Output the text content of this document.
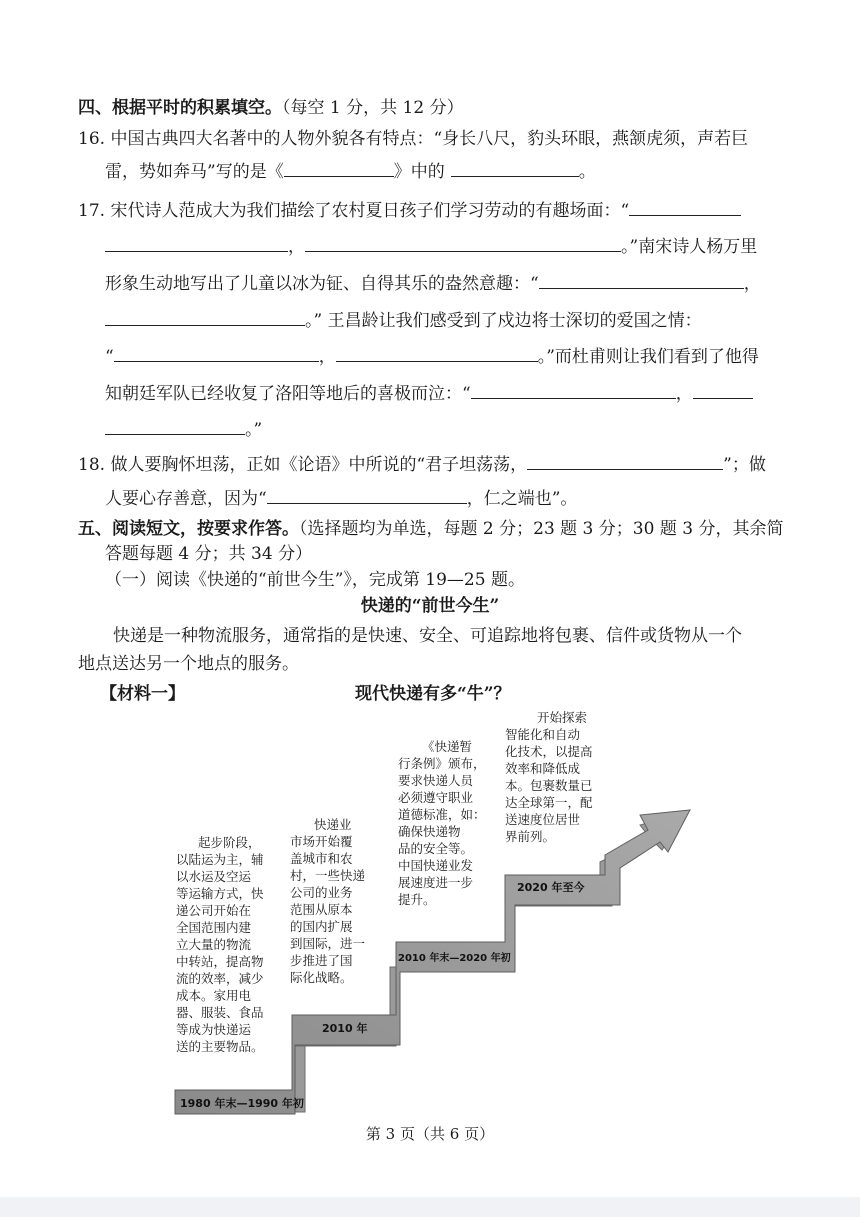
四、根据平时的积累填空。（每空 1 分，共 12 分）
16. 中国古典四大名著中的人物外貌各有特点：“身长八尺，豹头环眼，燕颔虎须，声若巨
雷，势如奔马”写的是《	》中的	。
17. 宋代诗人范成大为我们描绘了农村夏日孩子们学习劳动的有趣场面：“
，	。”南宋诗人杨万里
形象生动地写出了儿童以冰为钲、自得其乐的盎然意趣：“	，
。” 王昌龄让我们感受到了戍边将士深切的爱国之情：
“	，	。”而杜甫则让我们看到了他得
知朝廷军队已经收复了洛阳等地后的喜极而泣：“	，
。”
18. 做人要胸怀坦荡，正如《论语》中所说的“君子坦荡荡，	”；做
人要心存善意，因为“	，仁之端也”。
五、阅读短文，按要求作答。（选择题均为单选，每题 2 分；23 题 3 分；30 题 3 分，其余简
答题每题 4 分；共 34 分）
（一）阅读《快递的“前世今生”》，完成第 19—25 题。
快递的“前世今生”
快递是一种物流服务，通常指的是快速、安全、可追踪地将包裹、信件或货物从一个
地点送达另一个地点的服务。
【材料一】	现代快递有多“牛”？
起步阶段，
以陆运为主，辅
以水运及空运
等运输方式，快
递公司开始在
全国范围内建
立大量的物流
中转站，提高物
流的效率，减少
成本。家用电
器、服装、食品
等成为快递运
送的主要物品。
1980 年末—1990 年初
快递业
市场开始覆
盖城市和农
村，一些快递
公司的业务
范围从原本
的国内扩展
到国际，进一
步推进了国
际化战略。
2010 年
《快递暂
行条例》颁布，
要求快递人员
必须遵守职业
道德标准，如：
确保快递物
品的安全等。
中国快递业发
展速度进一步
提升。
2010 年末—2020 年初
开始探索
智能化和自动
化技术，以提高
效率和降低成
本。包裹数量已
达全球第一，配
送速度位居世
界前列。
2020 年至今
第 3 页（共 6 页）
